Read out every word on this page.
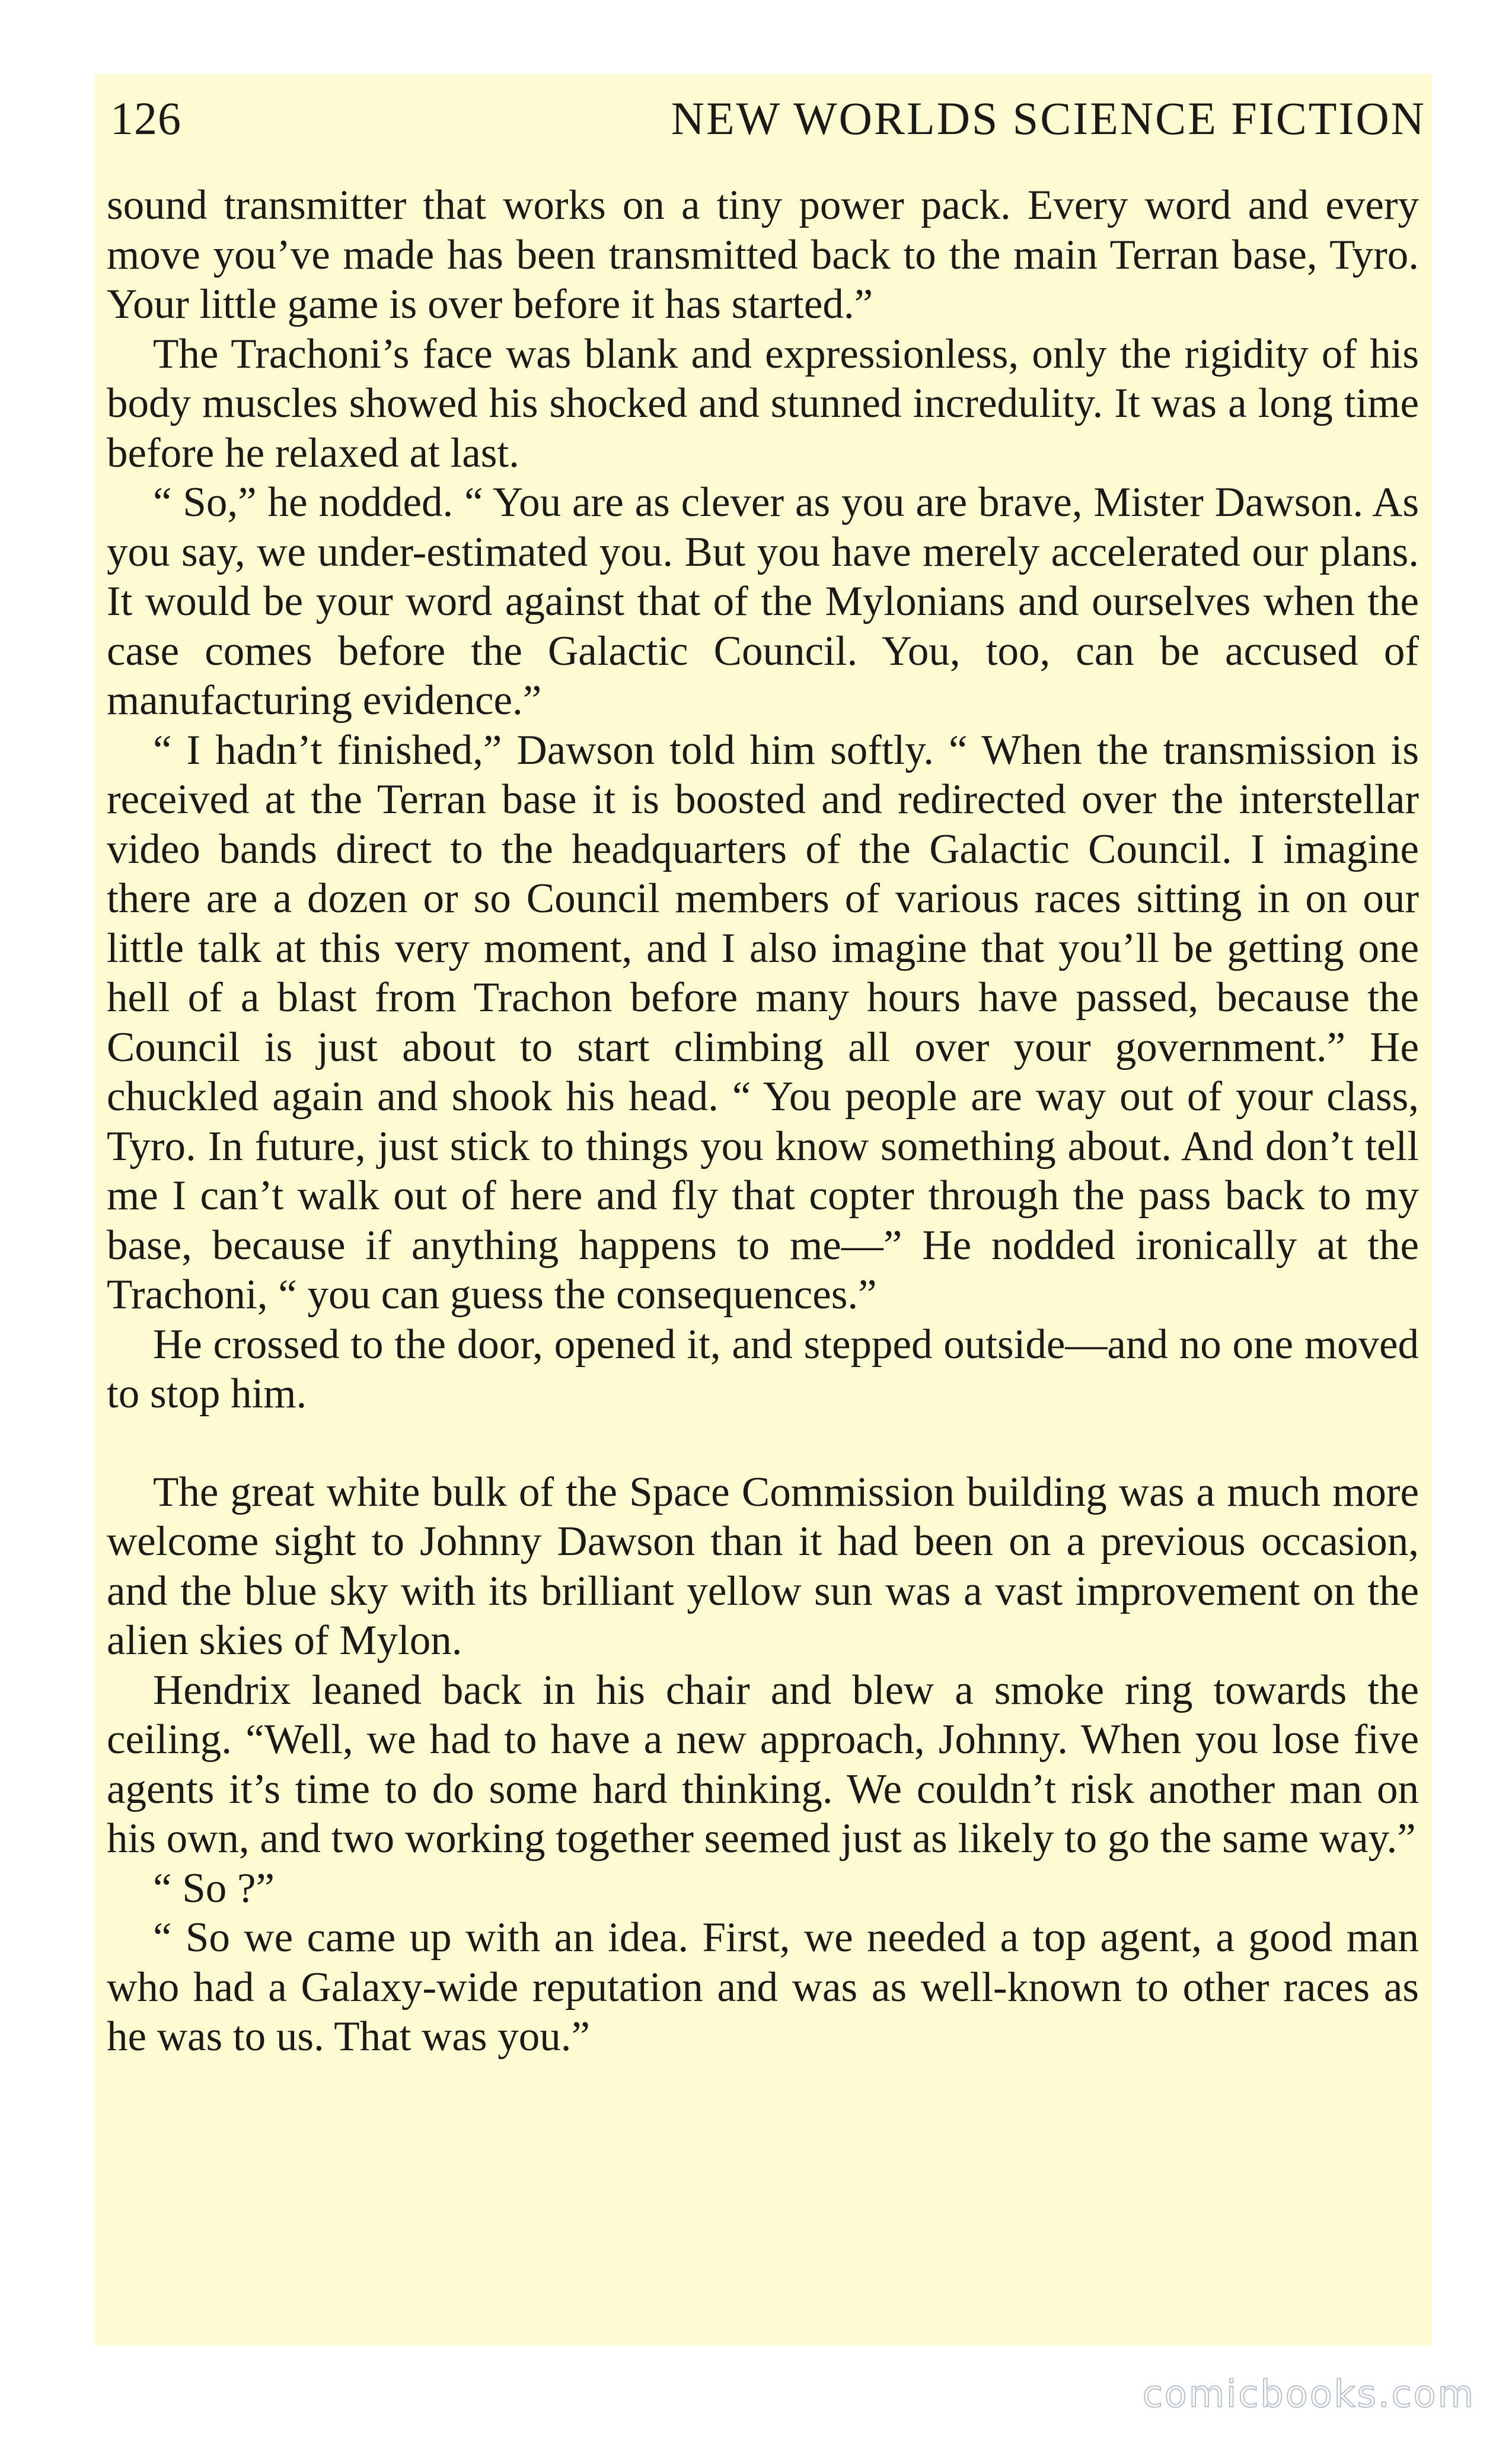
126	NEW WORLDS SCIENCE FICTION

sound transmitter that works on a tiny power pack. Every word and every move you’ve made has been transmitted back to the main Terran base, Tyro. Your little game is over before it has started.”

The Trachoni’s face was blank and expressionless, only the rigidity of his body muscles showed his shocked and stunned incredulity. It was a long time before he relaxed at last.

“ So,” he nodded. “ You are as clever as you are brave, Mister Dawson. As you say, we under-estimated you. But you have merely accelerated our plans. It would be your word against that of the Mylonians and ourselves when the case comes before the Galactic Council. You, too, can be accused of manufacturing evidence.”

“ I hadn’t finished,” Dawson told him softly. “ When the transmission is received at the Terran base it is boosted and redirected over the interstellar video bands direct to the headquarters of the Galactic Council. I imagine there are a dozen or so Council members of various races sitting in on our little talk at this very moment, and I also imagine that you’ll be getting one hell of a blast from Trachon before many hours have passed, because the Council is just about to start climbing all over your government.” He chuckled again and shook his head. “ You people are way out of your class, Tyro. In future, just stick to things you know something about. And don’t tell me I can’t walk out of here and fly that copter through the pass back to my base, because if anything happens to me—” He nodded ironically at the Trachoni, “ you can guess the consequences.”

He crossed to the door, opened it, and stepped outside—and no one moved to stop him.

The great white bulk of the Space Commission building was a much more welcome sight to Johnny Dawson than it had been on a previous occasion, and the blue sky with its brilliant yellow sun was a vast improvement on the alien skies of Mylon.

Hendrix leaned back in his chair and blew a smoke ring towards the ceiling. “Well, we had to have a new approach, Johnny. When you lose five agents it’s time to do some hard thinking. We couldn’t risk another man on his own, and two working together seemed just as likely to go the same way.”

“ So ?”

“ So we came up with an idea. First, we needed a top agent, a good man who had a Galaxy-wide reputation and was as well-known to other races as he was to us. That was you.”

comicbooks.com
